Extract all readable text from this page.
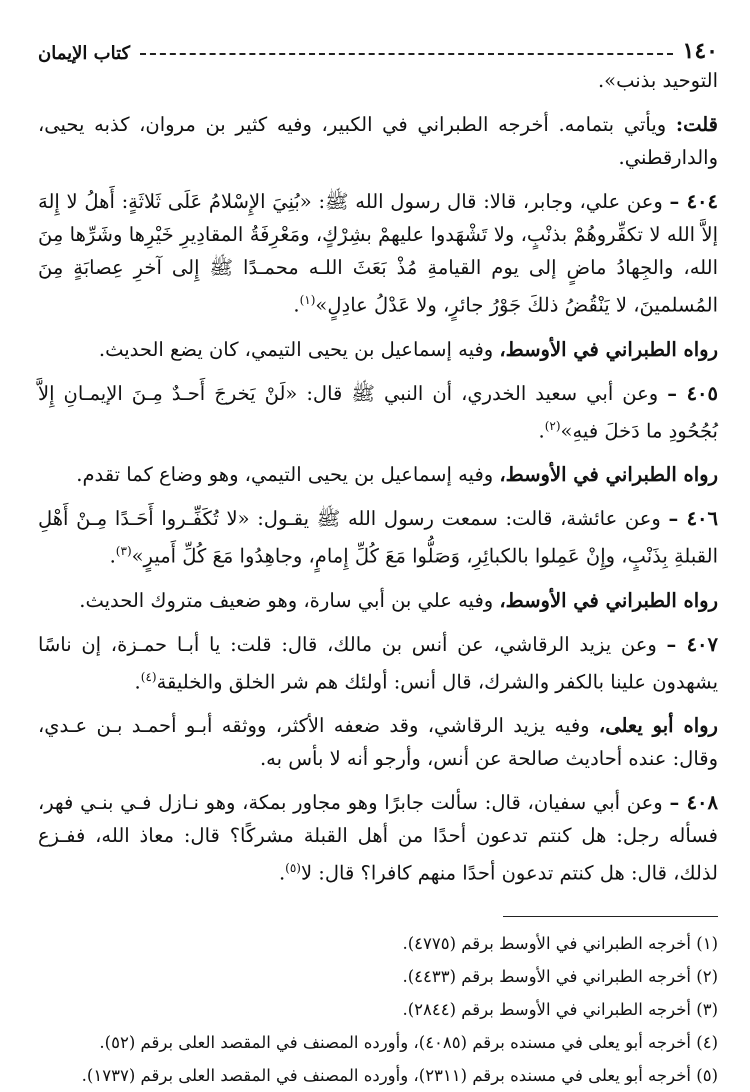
١٤٠
كتاب الإيمان

التوحيد بذنب».

قلت: ويأتي بتمامه. أخرجه الطبراني في الكبير، وفيه كثير بن مروان، كذبه يحيى، والدارقطني.

٤٠٤ – وعن علي، وجابر، قالا: قال رسول الله ﷺ: «بُنِيَ الإِسْلامُ عَلَى ثَلاثَةٍ: أَهلُ لا إِلهَ إلاَّ الله لا تكفِّروهُمْ بذنْبٍ، ولا تَشْهَدوا عليهمْ بشِرْكٍ، ومَعْرِفَةُ المقادِيرِ خَيْرِها وشَرِّها مِنَ الله، والجِهادُ ماضٍ إلى يوم القيامةِ مُذْ بَعَثَ اللـه محمـدًا ﷺ إِلى آخرِ عِصابَةٍ مِنَ المُسلمينَ، لا يَنْقُضُ ذلكَ جَوْرُ جائرٍ، ولا عَدْلُ عادِلٍ»$^{(١)}$.

رواه الطبراني في الأوسط، وفيه إسماعيل بن يحيى التيمي، كان يضع الحديث.

٤٠٥ – وعن أبي سعيد الخدري، أن النبي ﷺ قال: «لَنْ يَخرجَ أَحـدٌ مِـنَ الإيمـانِ إِلاَّ بُجُحُودِ ما دَخلَ فيهِ»$^{(٢)}$.

رواه الطبراني في الأوسط، وفيه إسماعيل بن يحيى التيمي، وهو وضاع كما تقدم.

٤٠٦ – وعن عائشة، قالت: سمعت رسول الله ﷺ يقـول: «لا تُكَفِّـروا أَحَـدًا مِـنْ أَهْلِ القبلةِ بِذَنْبٍ، وإِنْ عَمِلوا بالكبائِرِ، وَصَلُّوا مَعَ كُلِّ إِمامٍ، وجاهِدُوا مَعَ كُلِّ أَميرٍ»$^{(٣)}$.

رواه الطبراني في الأوسط، وفيه علي بن أبي سارة، وهو ضعيف متروك الحديث.

٤٠٧ – وعن يزيد الرقاشي، عن أنس بن مالك، قال: قلت: يا أبـا حمـزة، إن ناسًا يشهدون علينا بالكفر والشرك، قال أنس: أولئك هم شر الخلق والخليقة$^{(٤)}$.

رواه أبو يعلى، وفيه يزيد الرقاشي، وقد ضعفه الأكثر، ووثقه أبـو أحمـد بـن عـدي، وقال: عنده أحاديث صالحة عن أنس، وأرجو أنه لا بأس به.

٤٠٨ – وعن أبي سفيان، قال: سألت جابرًا وهو مجاور بمكة، وهو نـازل فـي بنـي فهر، فسأله رجل: هل كنتم تدعون أحدًا من أهل القبلة مشركًا؟ قال: معاذ الله، ففـزع لذلك، قال: هل كنتم تدعون أحدًا منهم كافرا؟ قال: لا$^{(٥)}$.

(١) أخرجه الطبراني في الأوسط برقم (٤٧٧٥).
(٢) أخرجه الطبراني في الأوسط برقم (٤٤٣٣).
(٣) أخرجه الطبراني في الأوسط برقم (٢٨٤٤).
(٤) أخرجه أبو يعلى في مسنده برقم (٤٠٨٥)، وأورده المصنف في المقصد العلى برقم (٥٢).
(٥) أخرجه أبو يعلى في مسنده برقم (٢٣١١)، وأورده المصنف في المقصد العلى برقم (١٧٣٧).
